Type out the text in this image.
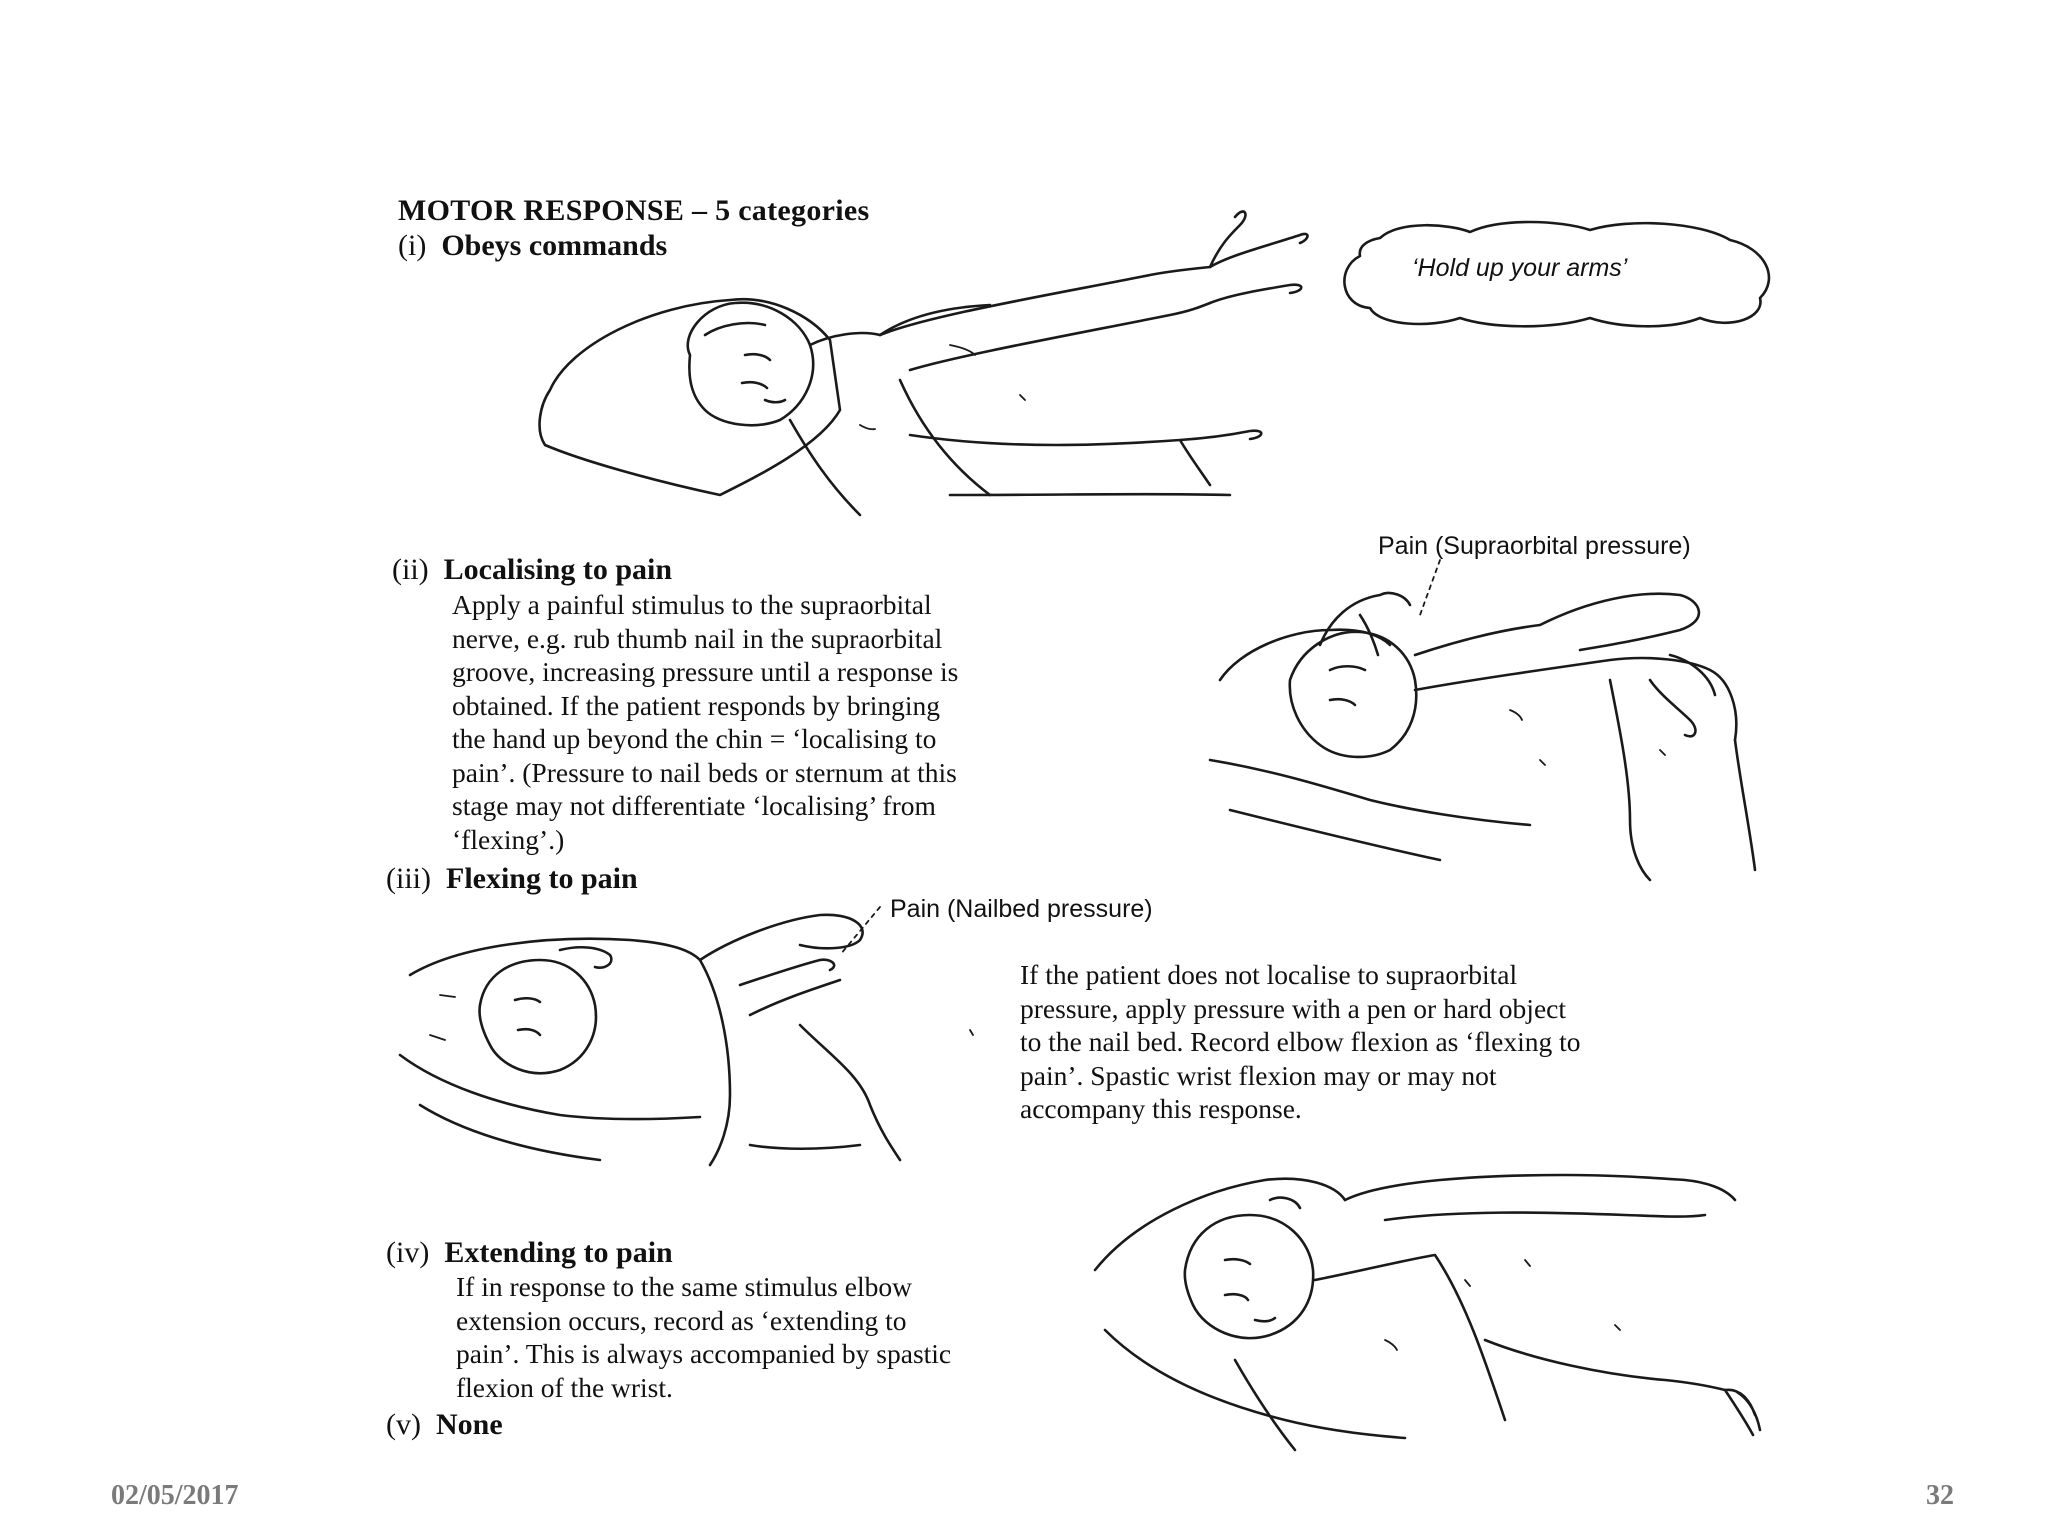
MOTOR RESPONSE – 5 categories
(i) Obeys commands
‘Hold up your arms’
(ii) Localising to pain
Apply a painful stimulus to the supraorbital
nerve, e.g. rub thumb nail in the supraorbital
groove, increasing pressure until a response is
obtained. If the patient responds by bringing
the hand up beyond the chin = ‘localising to
pain’. (Pressure to nail beds or sternum at this
stage may not differentiate ‘localising’ from
‘flexing’.)
Pain (Supraorbital pressure)
(iii) Flexing to pain
Pain (Nailbed pressure)
If the patient does not localise to supraorbital
pressure, apply pressure with a pen or hard object
to the nail bed. Record elbow flexion as ‘flexing to
pain’. Spastic wrist flexion may or may not
accompany this response.
(iv) Extending to pain
If in response to the same stimulus elbow
extension occurs, record as ‘extending to
pain’. This is always accompanied by spastic
flexion of the wrist.
(v) None
02/05/2017	32
